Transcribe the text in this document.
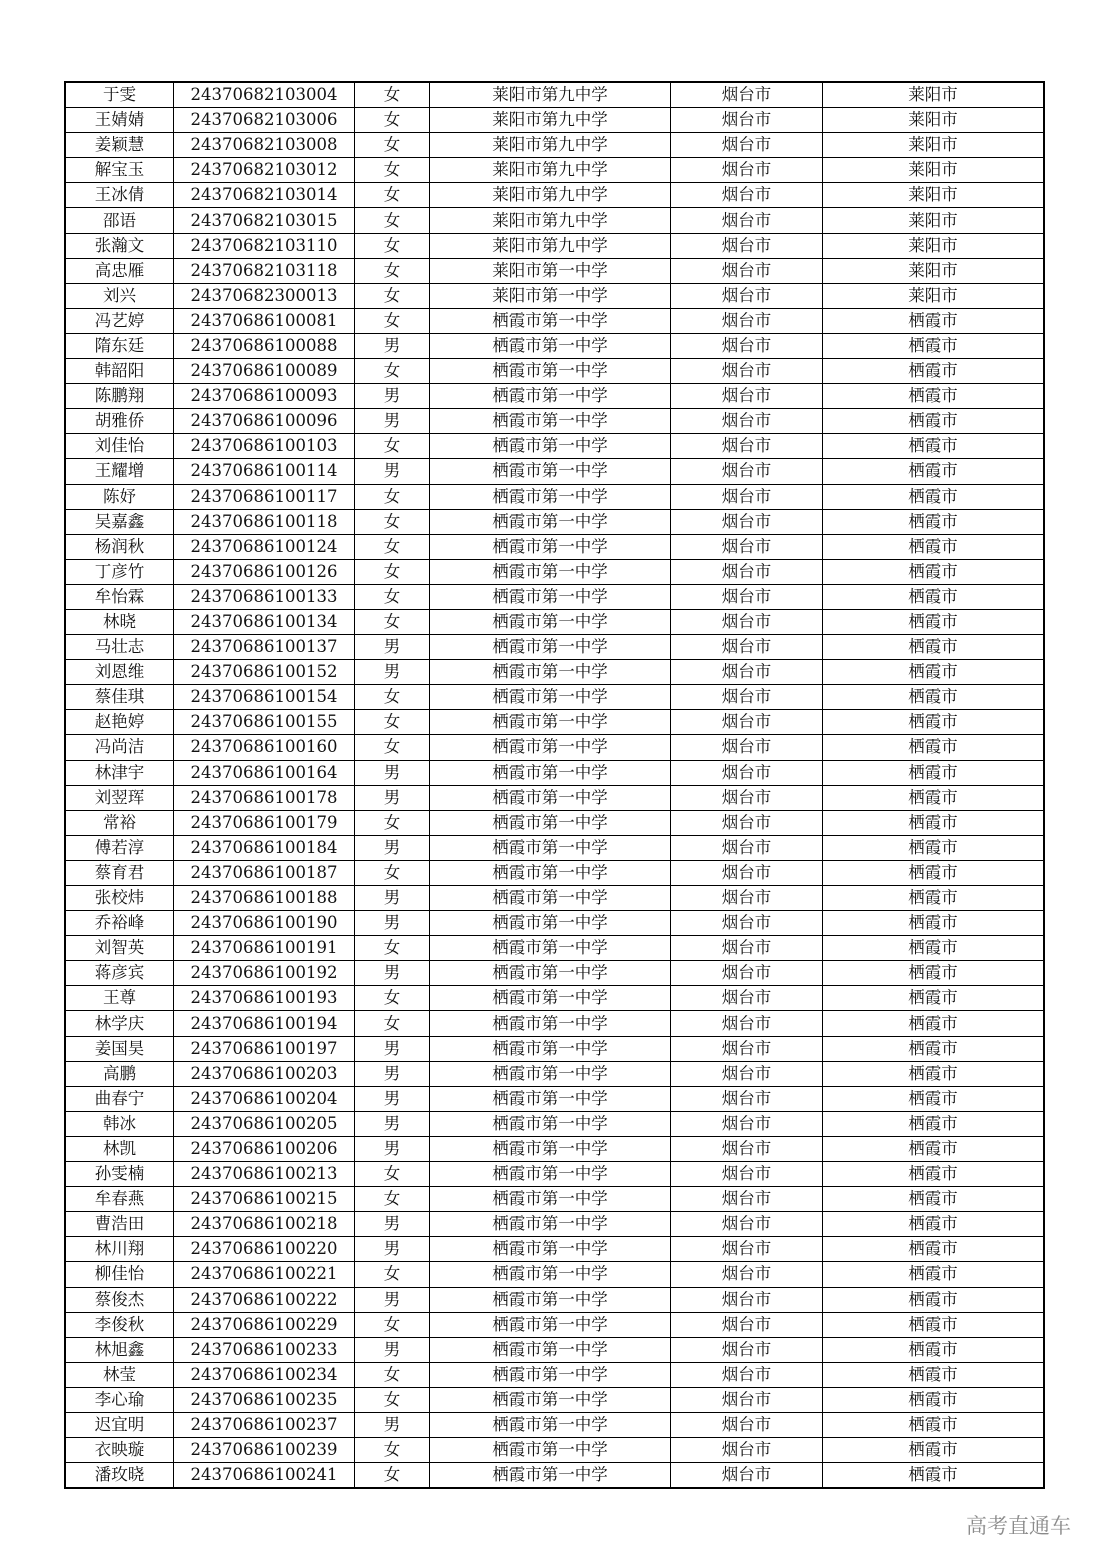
于雯	24370682103004	女	莱阳市第九中学	烟台市	莱阳市
王婧婧	24370682103006	女	莱阳市第九中学	烟台市	莱阳市
姜颖慧	24370682103008	女	莱阳市第九中学	烟台市	莱阳市
解宝玉	24370682103012	女	莱阳市第九中学	烟台市	莱阳市
王冰倩	24370682103014	女	莱阳市第九中学	烟台市	莱阳市
邵语	24370682103015	女	莱阳市第九中学	烟台市	莱阳市
张瀚文	24370682103110	女	莱阳市第九中学	烟台市	莱阳市
高忠雁	24370682103118	女	莱阳市第一中学	烟台市	莱阳市
刘兴	24370682300013	女	莱阳市第一中学	烟台市	莱阳市
冯艺婷	24370686100081	女	栖霞市第一中学	烟台市	栖霞市
隋东廷	24370686100088	男	栖霞市第一中学	烟台市	栖霞市
韩韶阳	24370686100089	女	栖霞市第一中学	烟台市	栖霞市
陈鹏翔	24370686100093	男	栖霞市第一中学	烟台市	栖霞市
胡雅侨	24370686100096	男	栖霞市第一中学	烟台市	栖霞市
刘佳怡	24370686100103	女	栖霞市第一中学	烟台市	栖霞市
王耀增	24370686100114	男	栖霞市第一中学	烟台市	栖霞市
陈妤	24370686100117	女	栖霞市第一中学	烟台市	栖霞市
吴嘉鑫	24370686100118	女	栖霞市第一中学	烟台市	栖霞市
杨润秋	24370686100124	女	栖霞市第一中学	烟台市	栖霞市
丁彦竹	24370686100126	女	栖霞市第一中学	烟台市	栖霞市
牟怡霖	24370686100133	女	栖霞市第一中学	烟台市	栖霞市
林晓	24370686100134	女	栖霞市第一中学	烟台市	栖霞市
马壮志	24370686100137	男	栖霞市第一中学	烟台市	栖霞市
刘恩维	24370686100152	男	栖霞市第一中学	烟台市	栖霞市
蔡佳琪	24370686100154	女	栖霞市第一中学	烟台市	栖霞市
赵艳婷	24370686100155	女	栖霞市第一中学	烟台市	栖霞市
冯尚洁	24370686100160	女	栖霞市第一中学	烟台市	栖霞市
林津宇	24370686100164	男	栖霞市第一中学	烟台市	栖霞市
刘翌珲	24370686100178	男	栖霞市第一中学	烟台市	栖霞市
常裕	24370686100179	女	栖霞市第一中学	烟台市	栖霞市
傅若淳	24370686100184	男	栖霞市第一中学	烟台市	栖霞市
蔡育君	24370686100187	女	栖霞市第一中学	烟台市	栖霞市
张校炜	24370686100188	男	栖霞市第一中学	烟台市	栖霞市
乔裕峰	24370686100190	男	栖霞市第一中学	烟台市	栖霞市
刘智英	24370686100191	女	栖霞市第一中学	烟台市	栖霞市
蒋彦宾	24370686100192	男	栖霞市第一中学	烟台市	栖霞市
王尊	24370686100193	女	栖霞市第一中学	烟台市	栖霞市
林学庆	24370686100194	女	栖霞市第一中学	烟台市	栖霞市
姜国昊	24370686100197	男	栖霞市第一中学	烟台市	栖霞市
高鹏	24370686100203	男	栖霞市第一中学	烟台市	栖霞市
曲春宁	24370686100204	男	栖霞市第一中学	烟台市	栖霞市
韩冰	24370686100205	男	栖霞市第一中学	烟台市	栖霞市
林凯	24370686100206	男	栖霞市第一中学	烟台市	栖霞市
孙雯楠	24370686100213	女	栖霞市第一中学	烟台市	栖霞市
牟春燕	24370686100215	女	栖霞市第一中学	烟台市	栖霞市
曹浩田	24370686100218	男	栖霞市第一中学	烟台市	栖霞市
林川翔	24370686100220	男	栖霞市第一中学	烟台市	栖霞市
柳佳怡	24370686100221	女	栖霞市第一中学	烟台市	栖霞市
蔡俊杰	24370686100222	男	栖霞市第一中学	烟台市	栖霞市
李俊秋	24370686100229	女	栖霞市第一中学	烟台市	栖霞市
林旭鑫	24370686100233	男	栖霞市第一中学	烟台市	栖霞市
林莹	24370686100234	女	栖霞市第一中学	烟台市	栖霞市
李心瑜	24370686100235	女	栖霞市第一中学	烟台市	栖霞市
迟宜明	24370686100237	男	栖霞市第一中学	烟台市	栖霞市
衣映璇	24370686100239	女	栖霞市第一中学	烟台市	栖霞市
潘玫晓	24370686100241	女	栖霞市第一中学	烟台市	栖霞市
高考直通车
